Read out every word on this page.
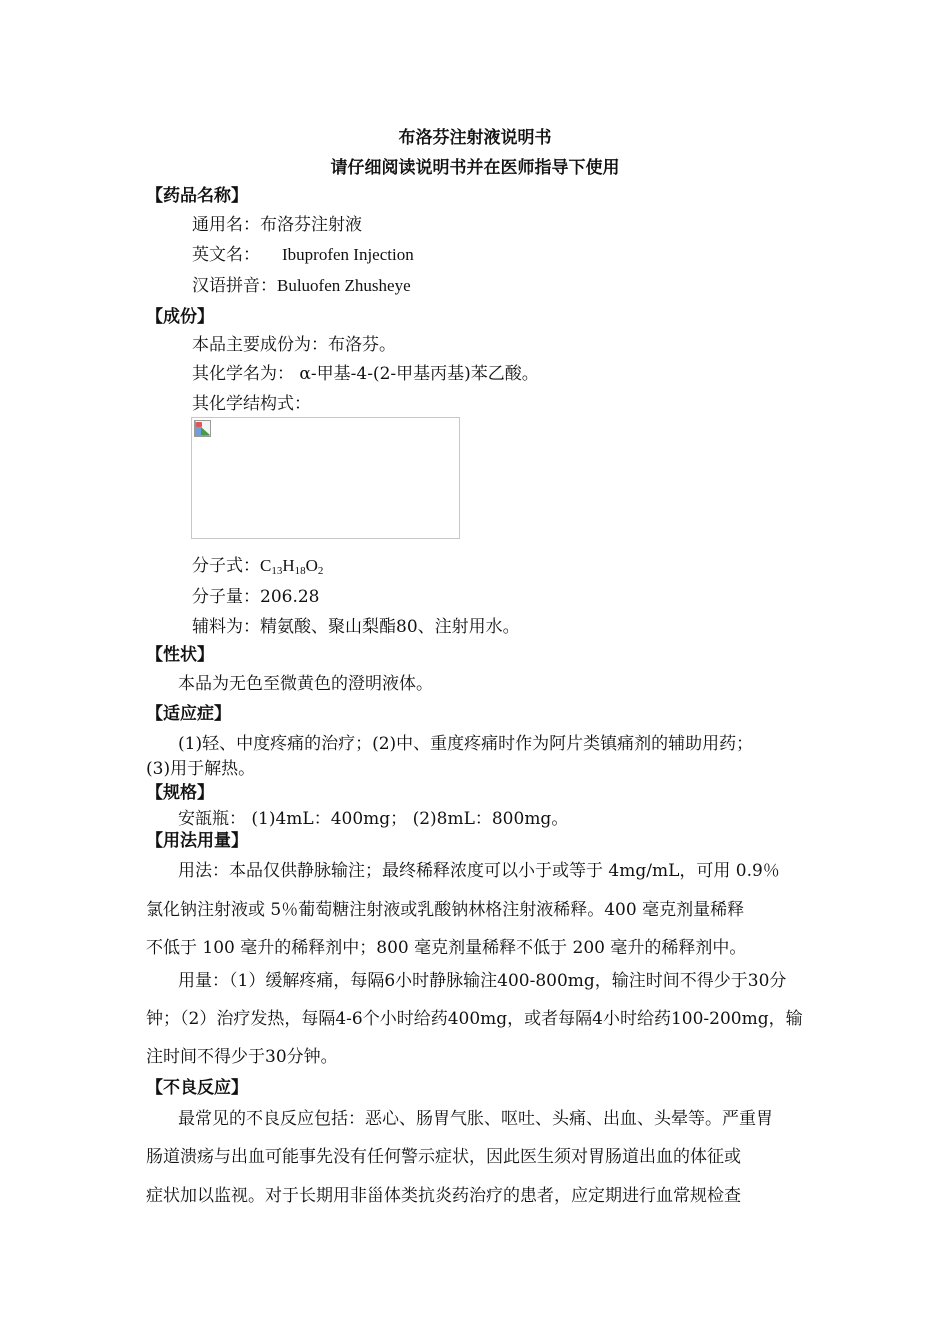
布洛芬注射液说明书
请仔细阅读说明书并在医师指导下使用
【药品名称】
通用名：布洛芬注射液
英文名： Ibuprofen Injection
汉语拼音：Buluofen Zhusheye
【成份】
本品主要成份为：布洛芬。
其化学名为： α-甲基-4-(2-甲基丙基)苯乙酸。
其化学结构式：
分子式：$C_{13}H_{18}O_2$
分子量：206.28
辅料为：精氨酸、聚山梨酯80、注射用水。
【性状】
本品为无色至微黄色的澄明液体。
【适应症】
(1)轻、中度疼痛的治疗；(2)中、重度疼痛时作为阿片类镇痛剂的辅助用药；
(3)用于解热。
【规格】
安瓿瓶： (1)4mL：400mg； (2)8mL：800mg。
【用法用量】
用法：本品仅供静脉输注；最终稀释浓度可以小于或等于 4mg/mL，可用 0.9％
氯化钠注射液或 5％葡萄糖注射液或乳酸钠林格注射液稀释。400 毫克剂量稀释
不低于 100 毫升的稀释剂中；800 毫克剂量稀释不低于 200 毫升的稀释剂中。
用量：（1）缓解疼痛，每隔6小时静脉输注400-800mg，输注时间不得少于30分
钟；（2）治疗发热，每隔4-6个小时给药400mg，或者每隔4小时给药100-200mg，输
注时间不得少于30分钟。
【不良反应】
最常见的不良反应包括：恶心、肠胃气胀、呕吐、头痛、出血、头晕等。严重胃
肠道溃疡与出血可能事先没有任何警示症状，因此医生须对胃肠道出血的体征或
症状加以监视。对于长期用非甾体类抗炎药治疗的患者，应定期进行血常规检查
